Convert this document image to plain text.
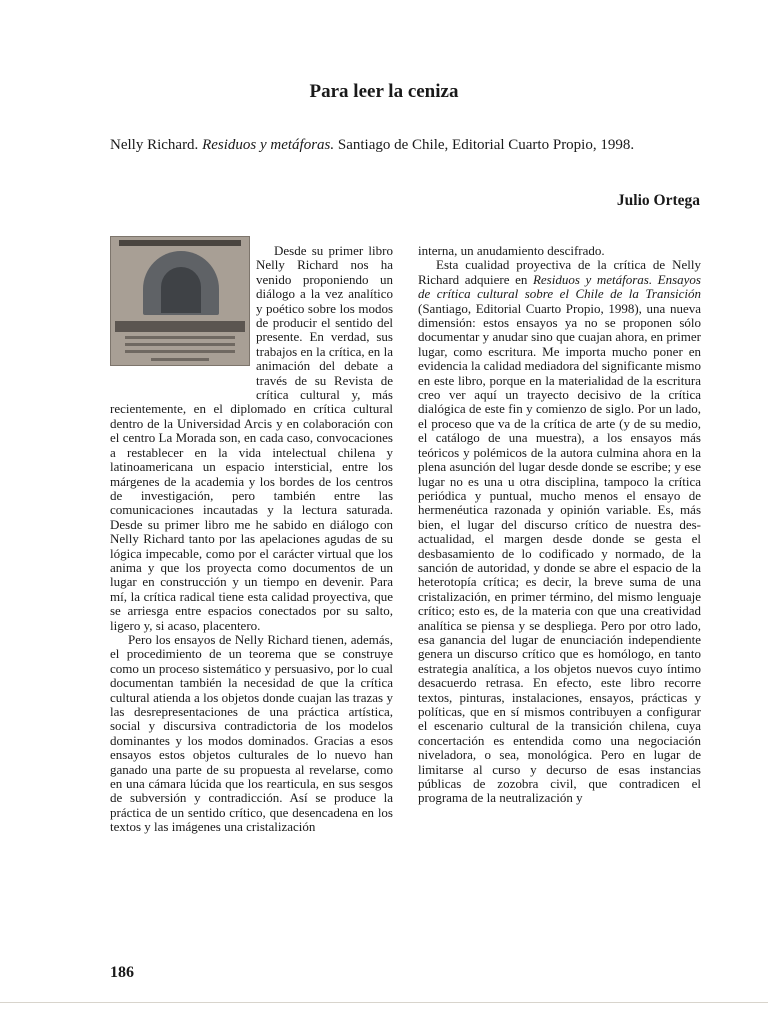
Para leer la ceniza

Nelly Richard. Residuos y metáforas. Santiago de Chile, Editorial Cuarto Propio, 1998.

Julio Ortega

Desde su primer libro Nelly Richard nos ha venido proponiendo un diálogo a la vez analítico y poético sobre los modos de producir el sentido del presente. En verdad, sus trabajos en la crítica, en la animación del debate a través de su Revista de crítica cultural y, más recientemente, en el diplomado en crítica cultural dentro de la Universidad Arcis y en colaboración con el centro La Morada son, en cada caso, convocaciones a restablecer en la vida intelectual chilena y latinoamericana un espacio intersticial, entre los márgenes de la academia y los bordes de los centros de investigación, pero también entre las comunicaciones incautadas y la lectura saturada. Desde su primer libro me he sabido en diálogo con Nelly Richard tanto por las apelaciones agudas de su lógica impecable, como por el carácter virtual que los anima y que los proyecta como documentos de un lugar en construcción y un tiempo en devenir. Para mí, la crítica radical tiene esta calidad proyectiva, que se arriesga entre espacios conectados por su salto, ligero y, si acaso, placentero.

Pero los ensayos de Nelly Richard tienen, además, el procedimiento de un teorema que se construye como un proceso sistemático y persuasivo, por lo cual documentan también la necesidad de que la crítica cultural atienda a los objetos donde cuajan las trazas y las desrepresentaciones de una práctica artística, social y discursiva contradictoria de los modelos dominantes y los modos dominados. Gracias a esos ensayos estos objetos culturales de lo nuevo han ganado una parte de su propuesta al revelarse, como en una cámara lúcida que los rearticula, en sus sesgos de subversión y contradicción. Así se produce la práctica de un sentido crítico, que desencadena en los textos y las imágenes una cristalización

interna, un anudamiento descifrado.

Esta cualidad proyectiva de la crítica de Nelly Richard adquiere en Residuos y metáforas. Ensayos de crítica cultural sobre el Chile de la Transición (Santiago, Editorial Cuarto Propio, 1998), una nueva dimensión: estos ensayos ya no se proponen sólo documentar y anudar sino que cuajan ahora, en primer lugar, como escritura. Me importa mucho poner en evidencia la calidad mediadora del significante mismo en este libro, porque en la materialidad de la escritura creo ver aquí un trayecto decisivo de la crítica dialógica de este fin y comienzo de siglo. Por un lado, el proceso que va de la crítica de arte (y de su medio, el catálogo de una muestra), a los ensayos más teóricos y polémicos de la autora culmina ahora en la plena asunción del lugar desde donde se escribe; y ese lugar no es una u otra disciplina, tampoco la crítica periódica y puntual, mucho menos el ensayo de hermenéutica razonada y opinión variable. Es, más bien, el lugar del discurso crítico de nuestra des-actualidad, el margen desde donde se gesta el desbasamiento de lo codificado y normado, de la sanción de autoridad, y donde se abre el espacio de la heterotopía crítica; es decir, la breve suma de una cristalización, en primer término, del mismo lenguaje crítico; esto es, de la materia con que una creatividad analítica se piensa y se despliega. Pero por otro lado, esa ganancia del lugar de enunciación independiente genera un discurso crítico que es homólogo, en tanto estrategia analítica, a los objetos nuevos cuyo íntimo desacuerdo retrasa. En efecto, este libro recorre textos, pinturas, instalaciones, ensayos, prácticas y políticas, que en sí mismos contribuyen a configurar el escenario cultural de la transición chilena, cuya concertación es entendida como una negociación niveladora, o sea, monológica. Pero en lugar de limitarse al curso y decurso de esas instancias públicas de zozobra civil, que contradicen el programa de la neutralización y

186
